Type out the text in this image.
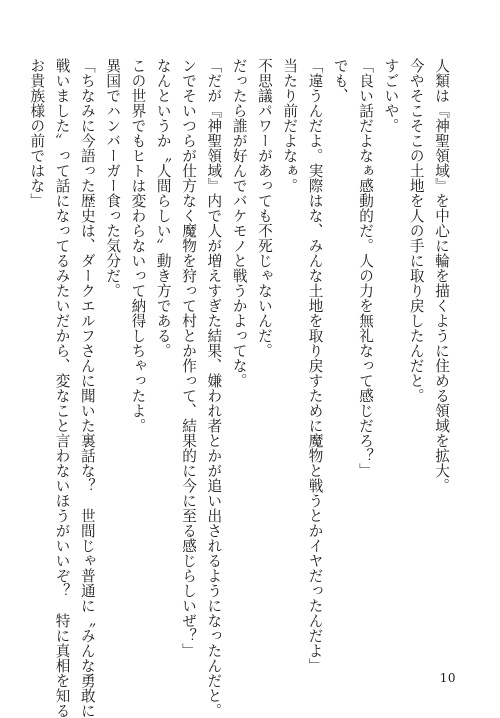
人類は『神聖領域』を中心に輪を描くように住める領域を拡大。
今やそこそこの土地を人の手に取り戻したんだと。
すごいや。
「良い話だよなぁ感動的だ。人の力を無礼なって感じだろ？」
でも、
「違うんだよ。実際はな、みんな土地を取り戻すために魔物と戦うとかイヤだったんだよ」
当たり前だよなぁ。
不思議パワーがあっても不死じゃないんだ。
だったら誰が好んでバケモノと戦うかよってな。
「だが『神聖領域』内で人が増えすぎた結果、嫌われ者とかが追い出されるようになったんだと。
ンでそいつらが仕方なく魔物を狩って村とか作って、結果的に今に至る感じらしいぜ？」
なんというか〝人間らしい〟動き方である。
この世界でもヒトは変わらないって納得しちゃったよ。
異国でハンバーガー食った気分だ。
「ちなみに今語った歴史は、ダークエルフさんに聞いた裏話な？　世間じゃ普通に〝みんな勇敢に
戦いました〟って話になってるみたいだから、変なこと言わないほうがいいぞ？　特に真相を知る
お貴族様の前ではな」
10
